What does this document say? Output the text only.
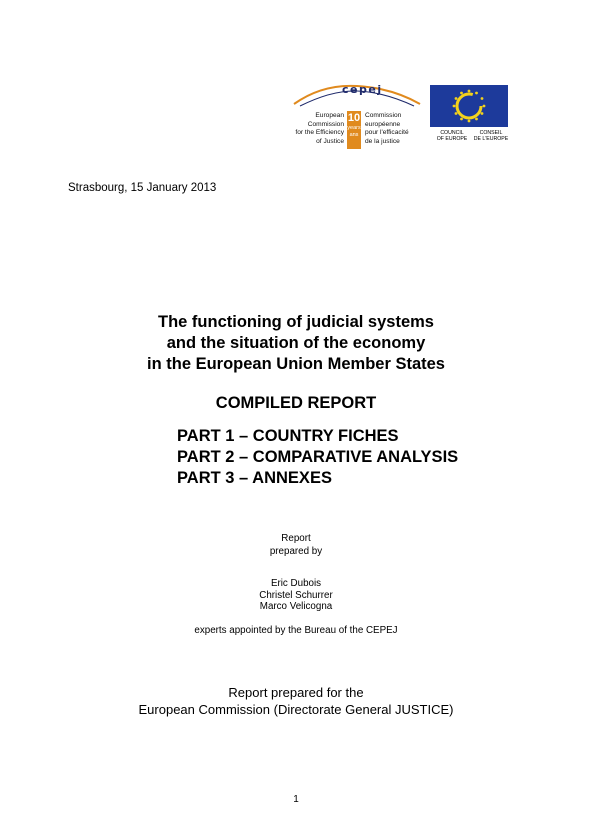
cepej
European
Commission
for the Efficiency
of Justice
10
years
ans
Commission
européenne
pour l'efficacité
de la justice
COUNCIL
OF EUROPE
CONSEIL
DE L'EUROPE
Strasbourg, 15 January 2013
The functioning of judicial systems
and the situation of the economy
in the European Union Member States
COMPILED REPORT
PART 1 – COUNTRY FICHES
PART 2 – COMPARATIVE ANALYSIS
PART 3 – ANNEXES
Report
prepared by
Eric Dubois
Christel Schurrer
Marco Velicogna
experts appointed by the Bureau of the CEPEJ
Report prepared for the
European Commission (Directorate General JUSTICE)
1
